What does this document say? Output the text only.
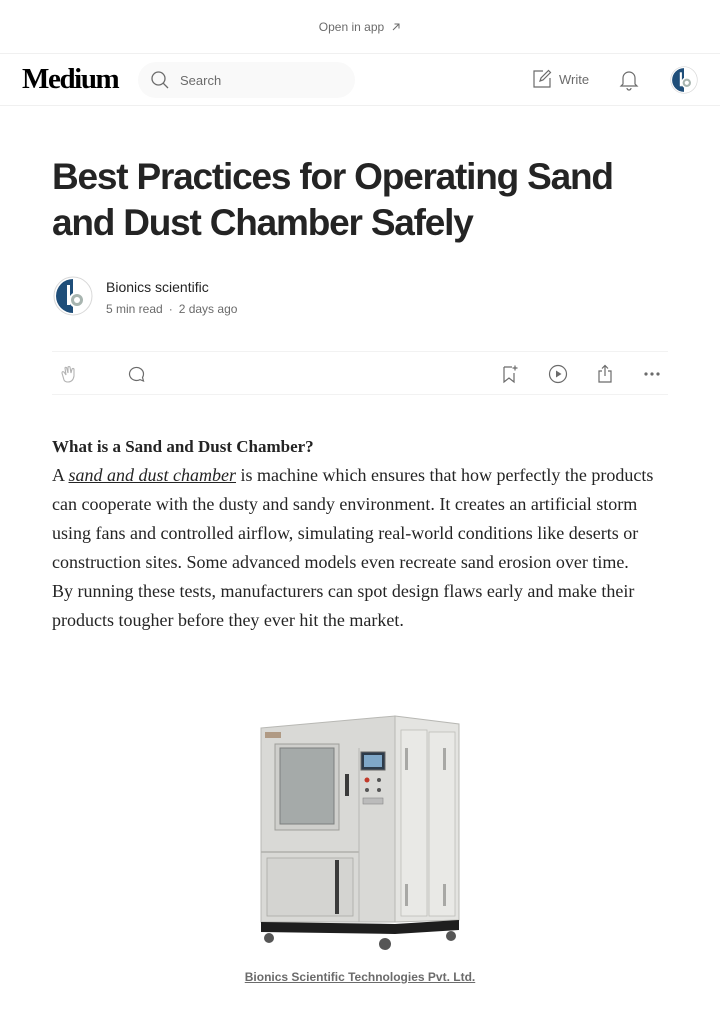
Open in app
Medium
Search	Write
Best Practices for Operating Sand
and Dust Chamber Safely
Bionics scientific
5 min read · 2 days ago
What is a Sand and Dust Chamber?

A sand and dust chamber is machine which ensures that how perfectly the products can cooperate with the dusty and sandy environment. It creates an artificial storm using fans and controlled airflow, simulating real-world conditions like deserts or construction sites. Some advanced models even recreate sand erosion over time.

By running these tests, manufacturers can spot design flaws early and make their products tougher before they ever hit the market.

Bionics Scientific Technologies Pvt. Ltd.
